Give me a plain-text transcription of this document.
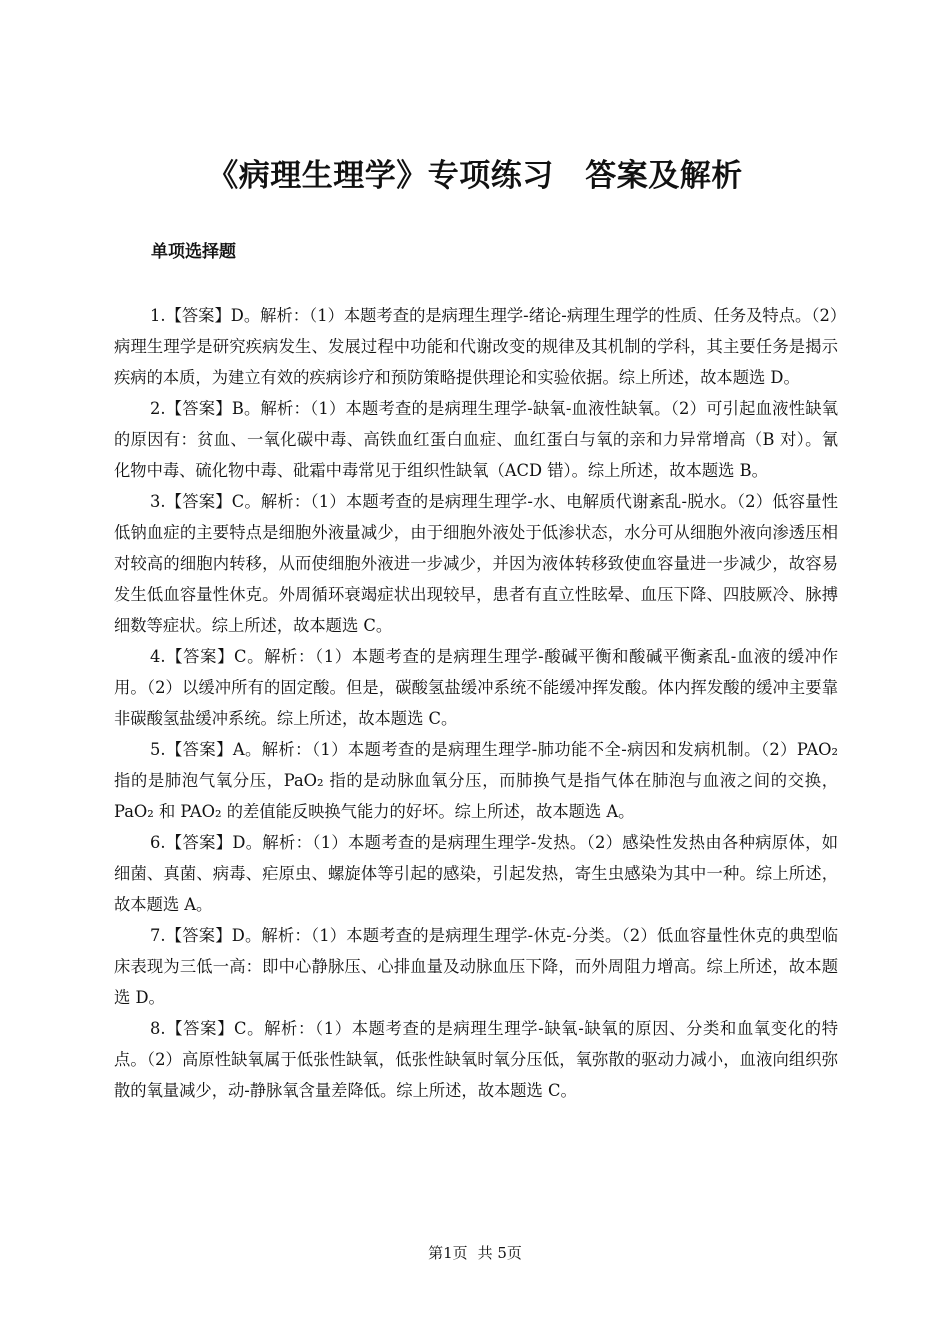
《病理生理学》专项练习　答案及解析
单项选择题

1.【答案】D。解析：（1）本题考查的是病理生理学-绪论-病理生理学的性质、任务及特点。（2）病理生理学是研究疾病发生、发展过程中功能和代谢改变的规律及其机制的学科，其主要任务是揭示疾病的本质，为建立有效的疾病诊疗和预防策略提供理论和实验依据。综上所述，故本题选 D。

2.【答案】B。解析：（1）本题考查的是病理生理学-缺氧-血液性缺氧。（2）可引起血液性缺氧的原因有：贫血、一氧化碳中毒、高铁血红蛋白血症、血红蛋白与氧的亲和力异常增高（B 对）。氰化物中毒、硫化物中毒、砒霜中毒常见于组织性缺氧（ACD 错）。综上所述，故本题选 B。

3.【答案】C。解析：（1）本题考查的是病理生理学-水、电解质代谢紊乱-脱水。（2）低容量性低钠血症的主要特点是细胞外液量减少，由于细胞外液处于低渗状态，水分可从细胞外液向渗透压相对较高的细胞内转移，从而使细胞外液进一步减少，并因为液体转移致使血容量进一步减少，故容易发生低血容量性休克。外周循环衰竭症状出现较早，患者有直立性眩晕、血压下降、四肢厥冷、脉搏细数等症状。综上所述，故本题选 C。

4.【答案】C。解析：（1）本题考查的是病理生理学-酸碱平衡和酸碱平衡紊乱-血液的缓冲作用。（2）以缓冲所有的固定酸。但是，碳酸氢盐缓冲系统不能缓冲挥发酸。体内挥发酸的缓冲主要靠非碳酸氢盐缓冲系统。综上所述，故本题选 C。

5.【答案】A。解析：（1）本题考查的是病理生理学-肺功能不全-病因和发病机制。（2）PAO₂ 指的是肺泡气氧分压，PaO₂ 指的是动脉血氧分压，而肺换气是指气体在肺泡与血液之间的交换，PaO₂ 和 PAO₂ 的差值能反映换气能力的好坏。综上所述，故本题选 A。

6.【答案】D。解析：（1）本题考查的是病理生理学-发热。（2）感染性发热由各种病原体，如细菌、真菌、病毒、疟原虫、螺旋体等引起的感染，引起发热，寄生虫感染为其中一种。综上所述，故本题选 A。

7.【答案】D。解析：（1）本题考查的是病理生理学-休克-分类。（2）低血容量性休克的典型临床表现为三低一高：即中心静脉压、心排血量及动脉血压下降，而外周阻力增高。综上所述，故本题选 D。

8.【答案】C。解析：（1）本题考查的是病理生理学-缺氧-缺氧的原因、分类和血氧变化的特点。（2）高原性缺氧属于低张性缺氧，低张性缺氧时氧分压低，氧弥散的驱动力减小，血液向组织弥散的氧量减少，动-静脉氧含量差降低。综上所述，故本题选 C。

第1页 共 5页
